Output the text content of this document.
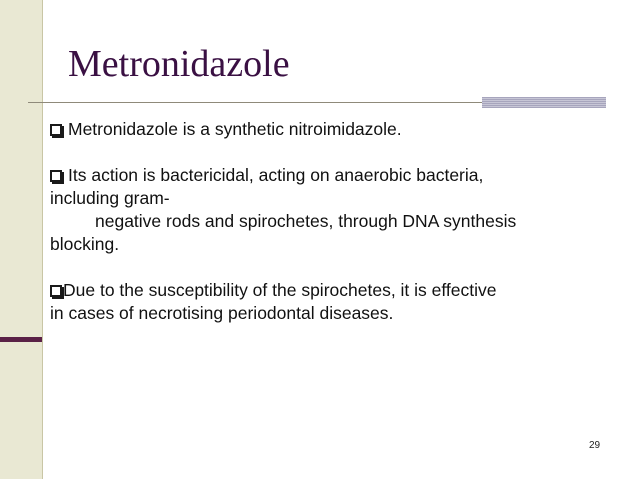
Metronidazole

Metronidazole is a synthetic nitroimidazole.

Its action is bactericidal, acting on anaerobic bacteria,
including gram-
negative rods and spirochetes, through DNA synthesis
blocking.

Due to the susceptibility of the spirochetes, it is effective
in cases of necrotising periodontal diseases.

29
